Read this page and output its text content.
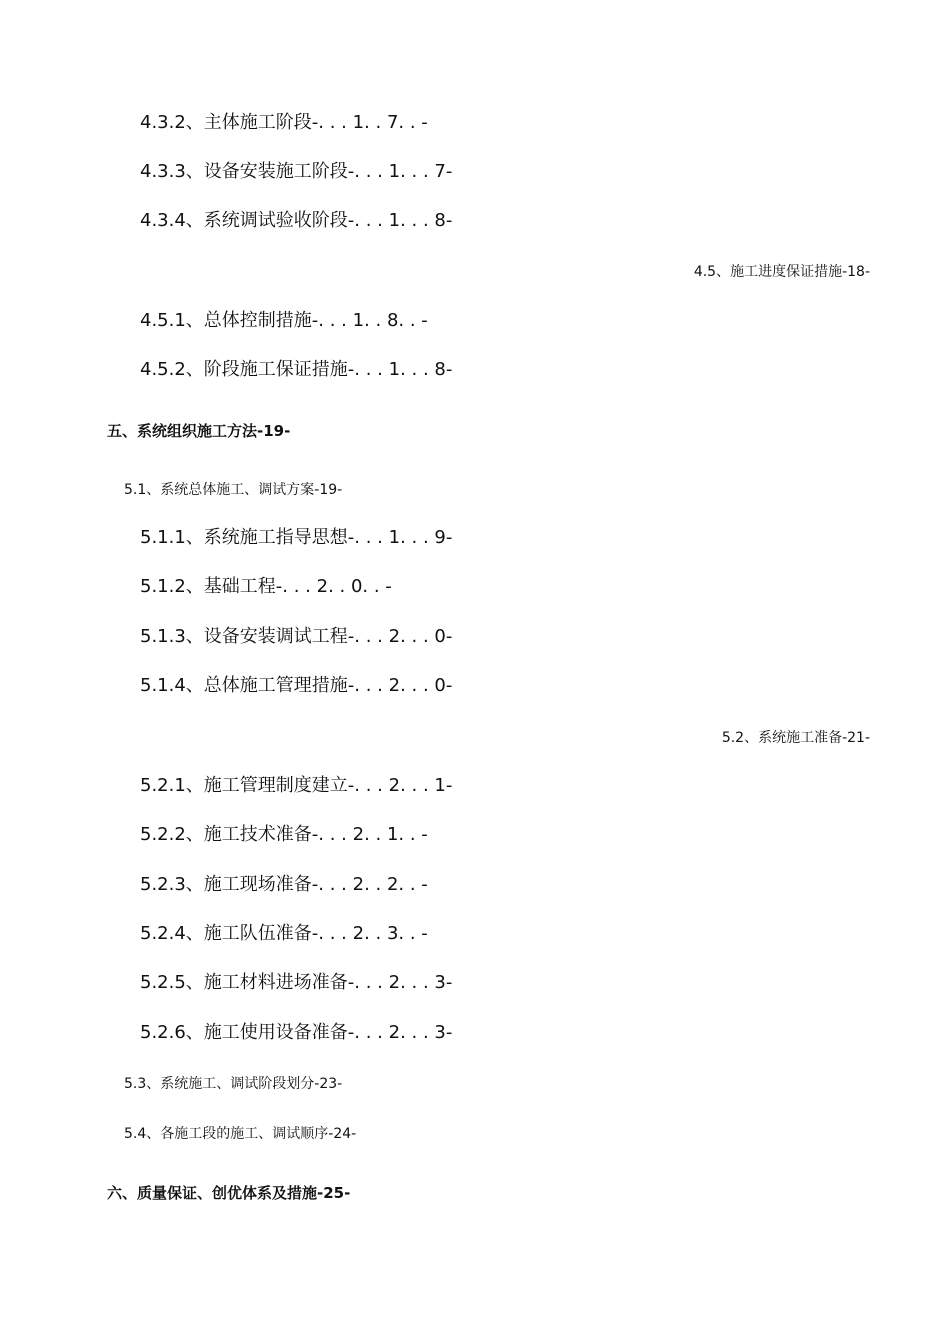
4.3.2、主体施工阶段-. . . 1. . 7. . -
4.3.3、设备安装施工阶段-. . . 1. . . 7-
4.3.4、系统调试验收阶段-. . . 1. . . 8-
4.5、施工进度保证措施-18-
4.5.1、总体控制措施-. . . 1. . 8. . -
4.5.2、阶段施工保证措施-. . . 1. . . 8-
五、系统组织施工方法-19-
5.1、系统总体施工、调试方案-19-
5.1.1、系统施工指导思想-. . . 1. . . 9-
5.1.2、基础工程-. . . 2. . 0. . -
5.1.3、设备安装调试工程-. . . 2. . . 0-
5.1.4、总体施工管理措施-. . . 2. . . 0-
5.2、系统施工准备-21-
5.2.1、施工管理制度建立-. . . 2. . . 1-
5.2.2、施工技术准备-. . . 2. . 1. . -
5.2.3、施工现场准备-. . . 2. . 2. . -
5.2.4、施工队伍准备-. . . 2. . 3. . -
5.2.5、施工材料进场准备-. . . 2. . . 3-
5.2.6、施工使用设备准备-. . . 2. . . 3-
5.3、系统施工、调试阶段划分-23-
5.4、各施工段的施工、调试顺序-24-
六、质量保证、创优体系及措施-25-
